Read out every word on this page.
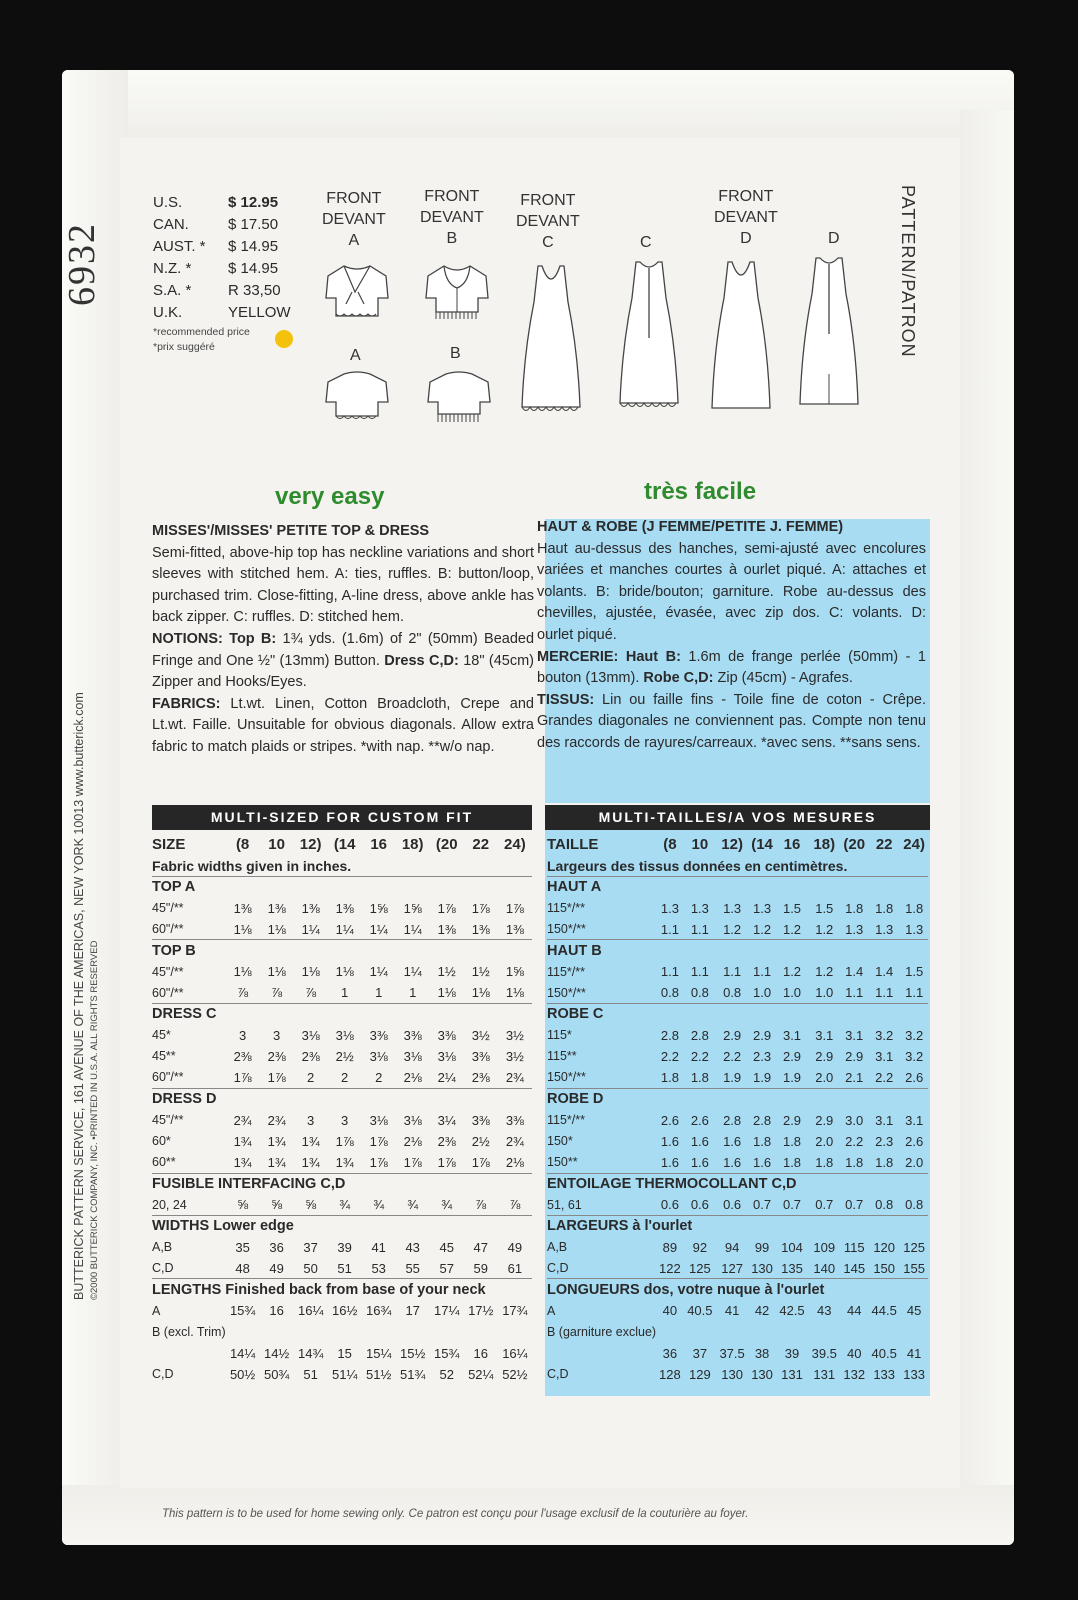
6932
BUTTERICK PATTERN SERVICE, 161 AVENUE OF THE AMERICAS, NEW YORK 10013 www.butterick.com ©2000 BUTTERICK COMPANY, INC. •PRINTED IN U.S.A. ALL RIGHTS RESERVED
PATTERN/PATRON
U.S.	$ 12.95
CAN.	$ 17.50
AUST. *	$ 14.95
N.Z. *	$ 14.95
S.A. *	R 33,50
U.K.	YELLOW
*recommended price
*prix suggéré
FRONT
DEVANT
A
FRONT
DEVANT
B
FRONT
DEVANT
C	C
FRONT
DEVANT
D	D
A	B
very easy	très facile
MISSES'/MISSES' PETITE TOP & DRESS
Semi-fitted, above-hip top has neckline variations and short sleeves with stitched hem. A: ties, ruffles. B: button/loop, purchased trim. Close-fitting, A-line dress, above ankle has back zipper. C: ruffles. D: stitched hem.
NOTIONS: Top B: 1¾ yds. (1.6m) of 2" (50mm) Beaded Fringe and One ½" (13mm) Button. Dress C,D: 18" (45cm) Zipper and Hooks/Eyes.
FABRICS: Lt.wt. Linen, Cotton Broadcloth, Crepe and Lt.wt. Faille. Unsuitable for obvious diagonals. Allow extra fabric to match plaids or stripes. *with nap. **w/o nap.
HAUT & ROBE (J FEMME/PETITE J. FEMME)
Haut au-dessus des hanches, semi-ajusté avec encolures variées et manches courtes à ourlet piqué. A: attaches et volants. B: bride/bouton; garniture. Robe au-dessus des chevilles, ajustée, évasée, avec zip dos. C: volants. D: ourlet piqué.
MERCERIE: Haut B: 1.6m de frange perlée (50mm) - 1 bouton (13mm). Robe C,D: Zip (45cm) - Agrafes.
TISSUS: Lin ou faille fins - Toile fine de coton - Crêpe. Grandes diagonales ne conviennent pas. Compte non tenu des raccords de rayures/carreaux. *avec sens. **sans sens.
MULTI-SIZED FOR CUSTOM FIT	MULTI-TAILLES/A VOS MESURES
SIZE	(8	10	12)	(14	16	18)	(20	22	24)
Fabric widths given in inches.									
TOP A									
45"/**	1⅜	1⅜	1⅜	1⅜	1⅝	1⅝	1⅞	1⅞	1⅞
60"/**	1⅛	1⅛	1¼	1¼	1¼	1¼	1⅜	1⅜	1⅜
TOP B									
45"/**	1⅛	1⅛	1⅛	1⅛	1¼	1¼	1½	1½	1⅝
60"/**	⅞	⅞	⅞	1	1	1	1⅛	1⅛	1⅛
DRESS C									
45*	3	3	3⅛	3⅛	3⅜	3⅜	3⅜	3½	3½
45**	2⅜	2⅜	2⅜	2½	3⅛	3⅛	3⅛	3⅜	3½
60"/**	1⅞	1⅞	2	2	2	2⅛	2¼	2⅜	2¾
DRESS D									
45"/**	2¾	2¾	3	3	3⅛	3⅛	3¼	3⅜	3⅜
60*	1¾	1¾	1¾	1⅞	1⅞	2⅛	2⅜	2½	2¾
60**	1¾	1¾	1¾	1¾	1⅞	1⅞	1⅞	1⅞	2⅛
FUSIBLE INTERFACING C,D									
20, 24	⅝	⅝	⅝	¾	¾	¾	¾	⅞	⅞
WIDTHS Lower edge									
A,B	35	36	37	39	41	43	45	47	49
C,D	48	49	50	51	53	55	57	59	61
LENGTHS Finished back from base of your neck									
A	15¾	16	16¼	16½	16¾	17	17¼	17½	17¾
B (excl. Trim)									
	14¼	14½	14¾	15	15¼	15½	15¾	16	16¼
C,D	50½	50¾	51	51¼	51½	51¾	52	52¼	52½
TAILLE	(8	10	12)	(14	16	18)	(20	22	24)
Largeurs des tissus données en centimètres.									
HAUT A									
115*/**	1.3	1.3	1.3	1.3	1.5	1.5	1.8	1.8	1.8
150*/**	1.1	1.1	1.2	1.2	1.2	1.2	1.3	1.3	1.3
HAUT B									
115*/**	1.1	1.1	1.1	1.1	1.2	1.2	1.4	1.4	1.5
150*/**	0.8	0.8	0.8	1.0	1.0	1.0	1.1	1.1	1.1
ROBE C									
115*	2.8	2.8	2.9	2.9	3.1	3.1	3.1	3.2	3.2
115**	2.2	2.2	2.2	2.3	2.9	2.9	2.9	3.1	3.2
150*/**	1.8	1.8	1.9	1.9	1.9	2.0	2.1	2.2	2.6
ROBE D									
115*/**	2.6	2.6	2.8	2.8	2.9	2.9	3.0	3.1	3.1
150*	1.6	1.6	1.6	1.8	1.8	2.0	2.2	2.3	2.6
150**	1.6	1.6	1.6	1.6	1.8	1.8	1.8	1.8	2.0
ENTOILAGE THERMOCOLLANT C,D									
51, 61	0.6	0.6	0.6	0.7	0.7	0.7	0.7	0.8	0.8
LARGEURS à l'ourlet									
A,B	89	92	94	99	104	109	115	120	125
C,D	122	125	127	130	135	140	145	150	155
LONGUEURS dos, votre nuque à l'ourlet									
A	40	40.5	41	42	42.5	43	44	44.5	45
B (garniture exclue)									
	36	37	37.5	38	39	39.5	40	40.5	41
C,D	128	129	130	130	131	131	132	133	133
This pattern is to be used for home sewing only. Ce patron est conçu pour l'usage exclusif de la couturière au foyer.
